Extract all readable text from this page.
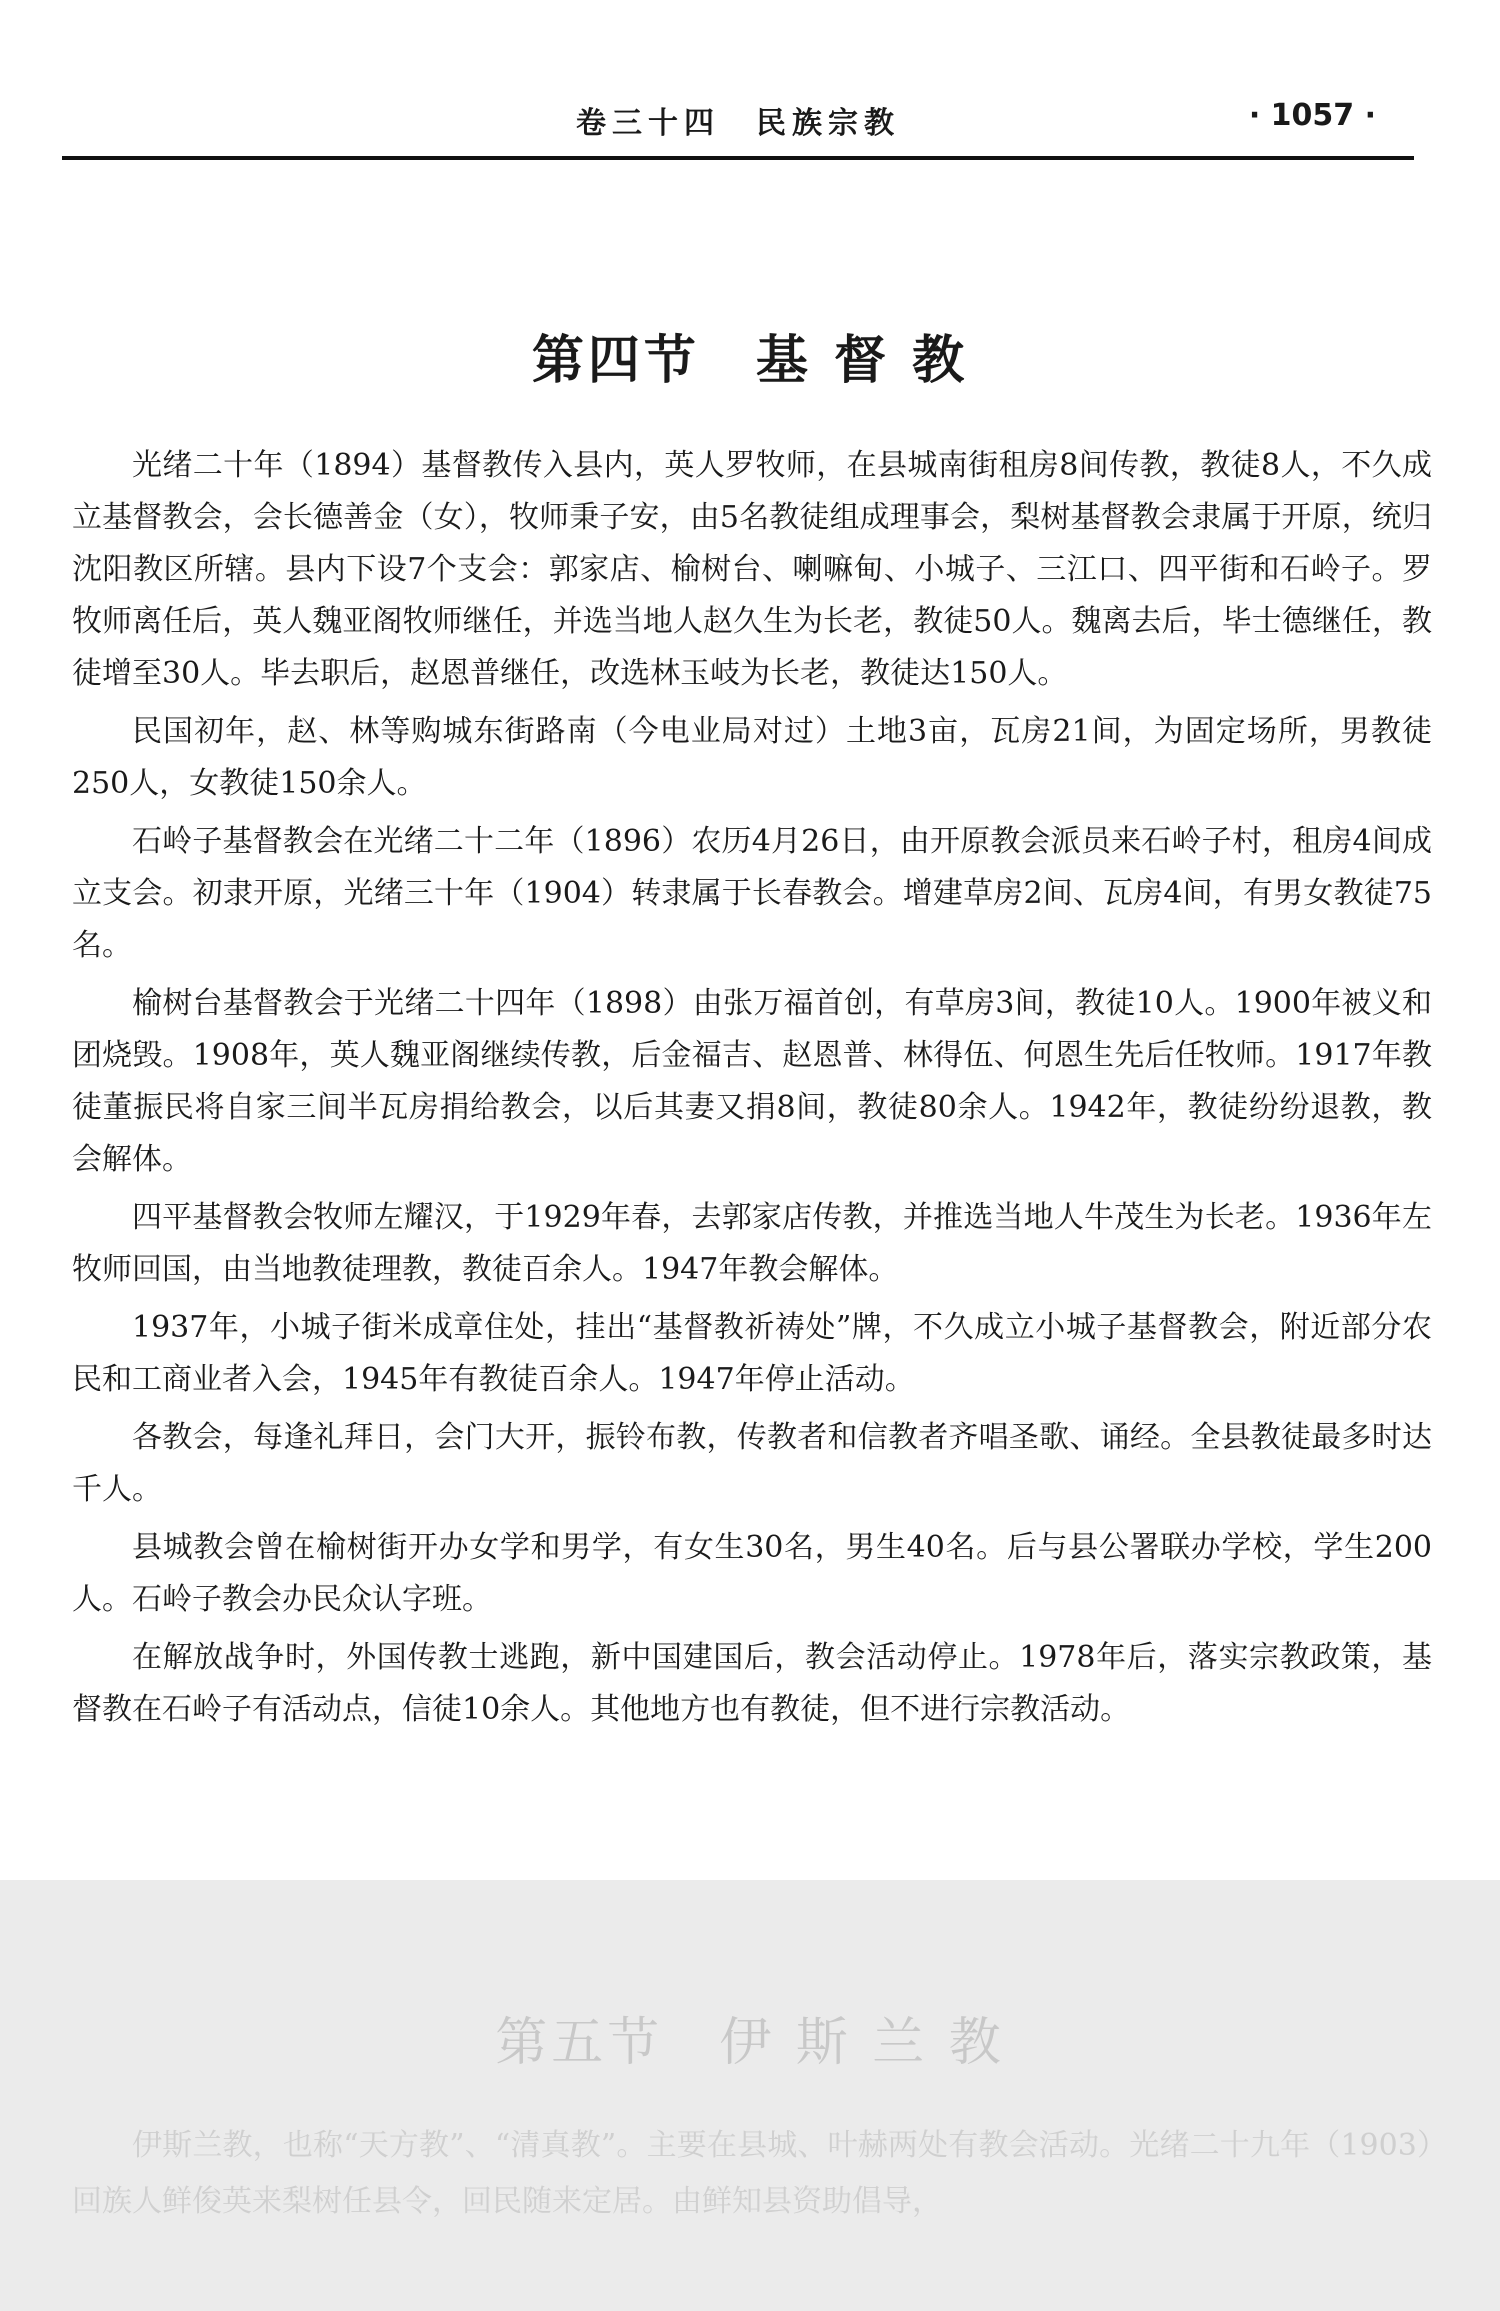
卷三十四　民族宗教	· 1057 ·
第四节　基 督 教

光绪二十年（1894）基督教传入县内，英人罗牧师，在县城南街租房8间传教，教徒8人，不久成立基督教会，会长德善金（女），牧师秉子安，由5名教徒组成理事会，梨树基督教会隶属于开原，统归沈阳教区所辖。县内下设7个支会：郭家店、榆树台、喇嘛甸、小城子、三江口、四平街和石岭子。罗牧师离任后，英人魏亚阁牧师继任，并选当地人赵久生为长老，教徒50人。魏离去后，毕士德继任，教徒增至30人。毕去职后，赵恩普继任，改选林玉岐为长老，教徒达150人。

民国初年，赵、林等购城东街路南（今电业局对过）土地3亩，瓦房21间，为固定场所，男教徒250人，女教徒150余人。

石岭子基督教会在光绪二十二年（1896）农历4月26日，由开原教会派员来石岭子村，租房4间成立支会。初隶开原，光绪三十年（1904）转隶属于长春教会。增建草房2间、瓦房4间，有男女教徒75名。

榆树台基督教会于光绪二十四年（1898）由张万福首创，有草房3间，教徒10人。1900年被义和团烧毁。1908年，英人魏亚阁继续传教，后金福吉、赵恩普、林得伍、何恩生先后任牧师。1917年教徒董振民将自家三间半瓦房捐给教会，以后其妻又捐8间，教徒80余人。1942年，教徒纷纷退教，教会解体。

四平基督教会牧师左耀汉，于1929年春，去郭家店传教，并推选当地人牛茂生为长老。1936年左牧师回国，由当地教徒理教，教徒百余人。1947年教会解体。

1937年，小城子街米成章住处，挂出“基督教祈祷处”牌，不久成立小城子基督教会，附近部分农民和工商业者入会，1945年有教徒百余人。1947年停止活动。

各教会，每逢礼拜日，会门大开，振铃布教，传教者和信教者齐唱圣歌、诵经。全县教徒最多时达千人。

县城教会曾在榆树街开办女学和男学，有女生30名，男生40名。后与县公署联办学校，学生200人。石岭子教会办民众认字班。

在解放战争时，外国传教士逃跑，新中国建国后，教会活动停止。1978年后，落实宗教政策，基督教在石岭子有活动点，信徒10余人。其他地方也有教徒，但不进行宗教活动。

第五节　伊 斯 兰 教

伊斯兰教，也称“天方教”、“清真教”。主要在县城、叶赫两处有教会活动。光绪二十九年（1903）回族人鲜俊英来梨树任县令，回民随来定居。由鲜知县资助倡导，
